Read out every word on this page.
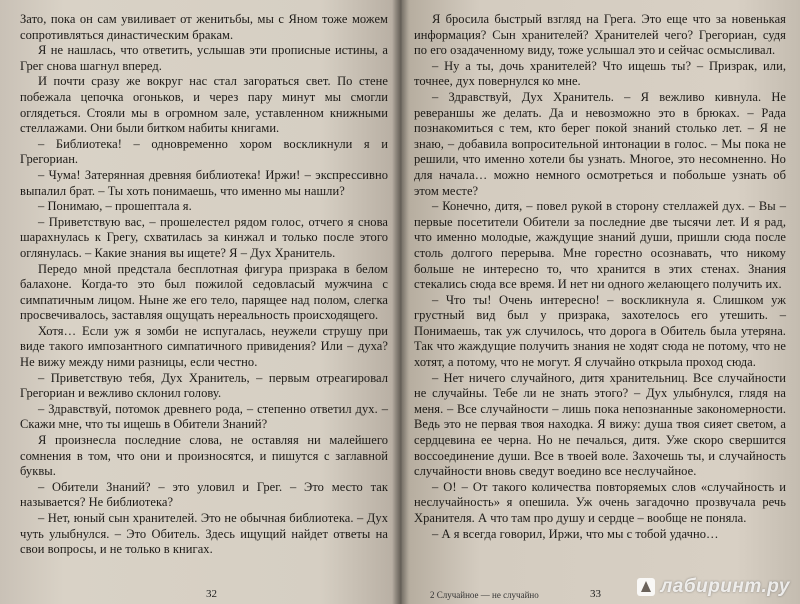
Зато, пока он сам увиливает от женитьбы, мы с Яном тоже можем сопротивляться династическим бракам.

Я не нашлась, что ответить, услышав эти прописные истины, а Грег снова шагнул вперед.

И почти сразу же вокруг нас стал загораться свет. По стене побежала цепочка огоньков, и через пару минут мы смогли оглядеться. Стояли мы в огромном зале, уставленном книжными стеллажами. Они были битком набиты книгами.

– Библиотека! – одновременно хором воскликнули я и Грегориан.

– Чума! Затерянная древняя библиотека! Иржи! – экспрессивно выпалил брат. – Ты хоть понимаешь, что именно мы нашли?

– Понимаю, – прошептала я.

– Приветствую вас, – прошелестел рядом голос, отчего я снова шарахнулась к Грегу, схватилась за кинжал и только после этого оглянулась. – Какие знания вы ищете? Я – Дух Хранитель.

Передо мной предстала бесплотная фигура призрака в белом балахоне. Когда-то это был пожилой седовласый мужчина с симпатичным лицом. Ныне же его тело, парящее над полом, слегка просвечивалось, заставляя ощущать нереальность происходящего.

Хотя… Если уж я зомби не испугалась, неужели струшу при виде такого импозантного симпатичного привидения? Или – духа? Не вижу между ними разницы, если честно.

– Приветствую тебя, Дух Хранитель, – первым отреагировал Грегориан и вежливо склонил голову.

– Здравствуй, потомок древнего рода, – степенно ответил дух. – Скажи мне, что ты ищешь в Обители Знаний?

Я произнесла последние слова, не оставляя ни малейшего сомнения в том, что они и произносятся, и пишутся с заглавной буквы.

– Обители Знаний? – это уловил и Грег. – Это место так называется? Не библиотека?

– Нет, юный сын хранителей. Это не обычная библиотека. – Дух чуть улыбнулся. – Это Обитель. Здесь ищущий найдет ответы на свои вопросы, и не только в книгах.

32

Я бросила быстрый взгляд на Грега. Это еще что за новенькая информация? Сын хранителей? Хранителей чего? Грегориан, судя по его озадаченному виду, тоже услышал это и сейчас осмысливал.

– Ну а ты, дочь хранителей? Что ищешь ты? – Призрак, или, точнее, дух повернулся ко мне.

– Здравствуй, Дух Хранитель. – Я вежливо кивнула. Не ревераншы же делать. Да и невозможно это в брюках. – Рада познакомиться с тем, кто берег покой знаний столько лет. – Я не знаю, – добавила вопросительной интонации в голос. – Мы пока не решили, что именно хотели бы узнать. Многое, это несомненно. Но для начала… можно немного осмотреться и побольше узнать об этом месте?

– Конечно, дитя, – повел рукой в сторону стеллажей дух. – Вы – первые посетители Обители за последние две тысячи лет. И я рад, что именно молодые, жаждущие знаний души, пришли сюда после столь долгого перерыва. Мне горестно осознавать, что никому больше не интересно то, что хранится в этих стенах. Знания стекались сюда все время. И нет ни одного желающего получить их.

– Что ты! Очень интересно! – воскликнула я. Слишком уж грустный вид был у призрака, захотелось его утешить. – Понимаешь, так уж случилось, что дорога в Обитель была утеряна. Так что жаждущие получить знания не ходят сюда не потому, что не хотят, а потому, что не могут. Я случайно открыла проход сюда.

– Нет ничего случайного, дитя хранительниц. Все случайности не случайны. Тебе ли не знать этого? – Дух улыбнулся, глядя на меня. – Все случайности – лишь пока непознанные закономерности. Ведь это не первая твоя находка. Я вижу: душа твоя сияет светом, а сердцевина ее черна. Но не печалься, дитя. Уже скоро свершится воссоединение души. Все в твоей воле. Захочешь ты, и случайность случайности вновь сведут воедино все неслучайное.

– О! – От такого количества повторяемых слов «случайность и неслучайность» я опешила. Уж очень загадочно прозвучала речь Хранителя. А что там про душу и сердце – вообще не поняла.

– А я всегда говорил, Иржи, что мы с тобой удачно…

2 Случайное — не случайно	33	лабиринт.ру
